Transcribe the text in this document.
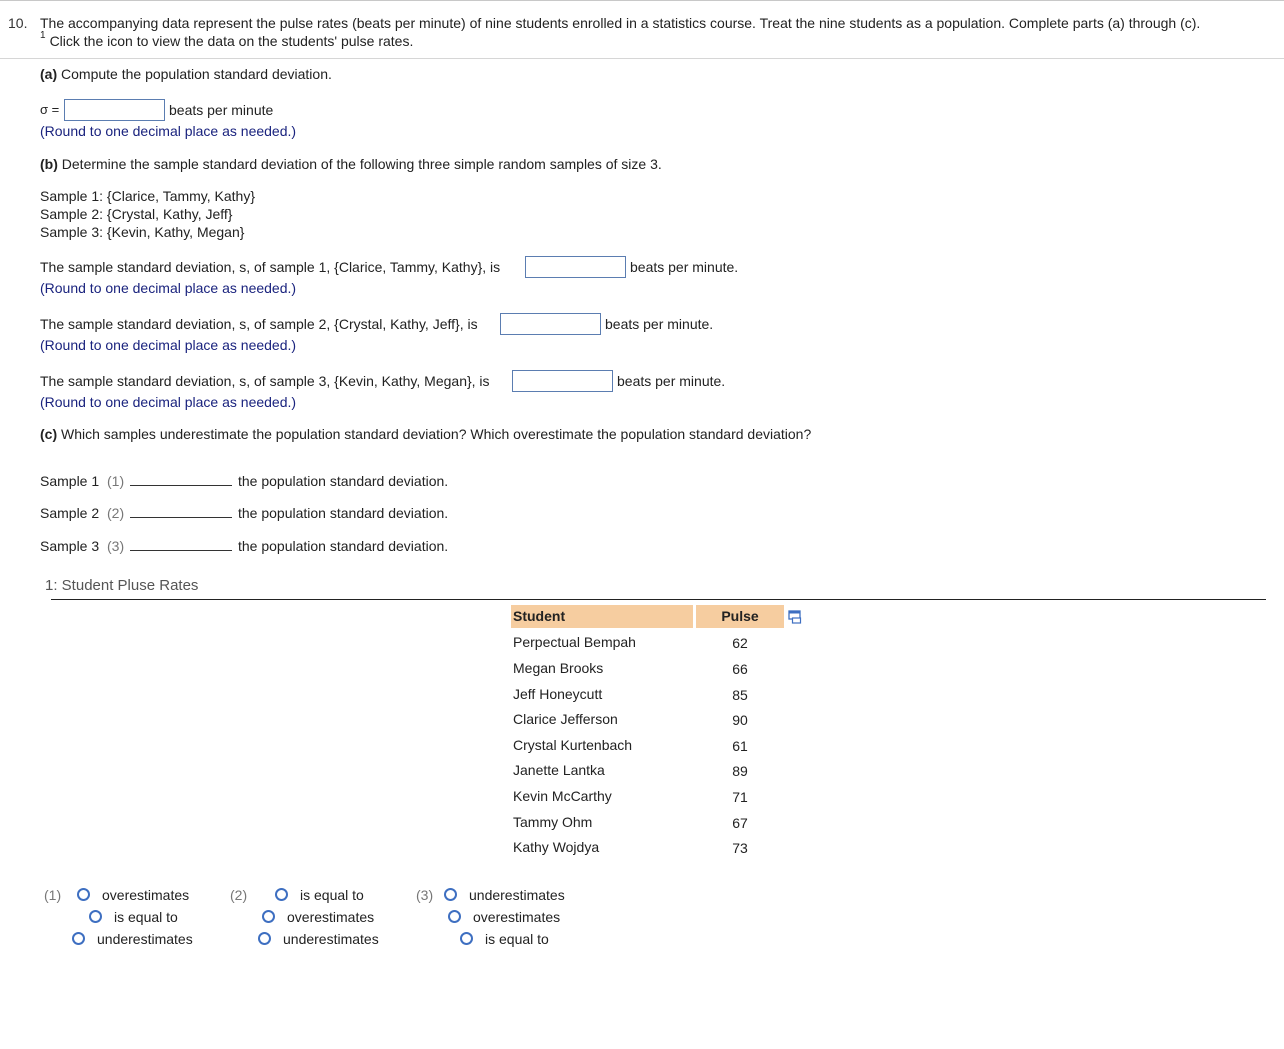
10. The accompanying data represent the pulse rates (beats per minute) of nine students enrolled in a statistics course. Treat the nine students as a population. Complete parts (a) through (c).
$^1$ Click the icon to view the data on the students' pulse rates.
(a) Compute the population standard deviation.
σ =	beats per minute
(Round to one decimal place as needed.)
(b) Determine the sample standard deviation of the following three simple random samples of size 3.
Sample 1: {Clarice, Tammy, Kathy}
Sample 2: {Crystal, Kathy, Jeff}
Sample 3: {Kevin, Kathy, Megan}
The sample standard deviation, s, of sample 1, {Clarice, Tammy, Kathy}, is	beats per minute.
(Round to one decimal place as needed.)
The sample standard deviation, s, of sample 2, {Crystal, Kathy, Jeff}, is	beats per minute.
(Round to one decimal place as needed.)
The sample standard deviation, s, of sample 3, {Kevin, Kathy, Megan}, is	beats per minute.
(Round to one decimal place as needed.)
(c) Which samples underestimate the population standard deviation? Which overestimate the population standard deviation?
Sample 1 (1)	the population standard deviation.
Sample 2 (2)	the population standard deviation.
Sample 3 (3)	the population standard deviation.
1: Student Pluse Rates
Student	Pulse
Perpectual Bempah	62
Megan Brooks	66
Jeff Honeycutt	85
Clarice Jefferson	90
Crystal Kurtenbach	61
Janette Lantka	89
Kevin McCarthy	71
Tammy Ohm	67
Kathy Wojdya	73
(1)	overestimates
is equal to
underestimates
(2)	is equal to
overestimates
underestimates
(3)	underestimates
overestimates
is equal to
